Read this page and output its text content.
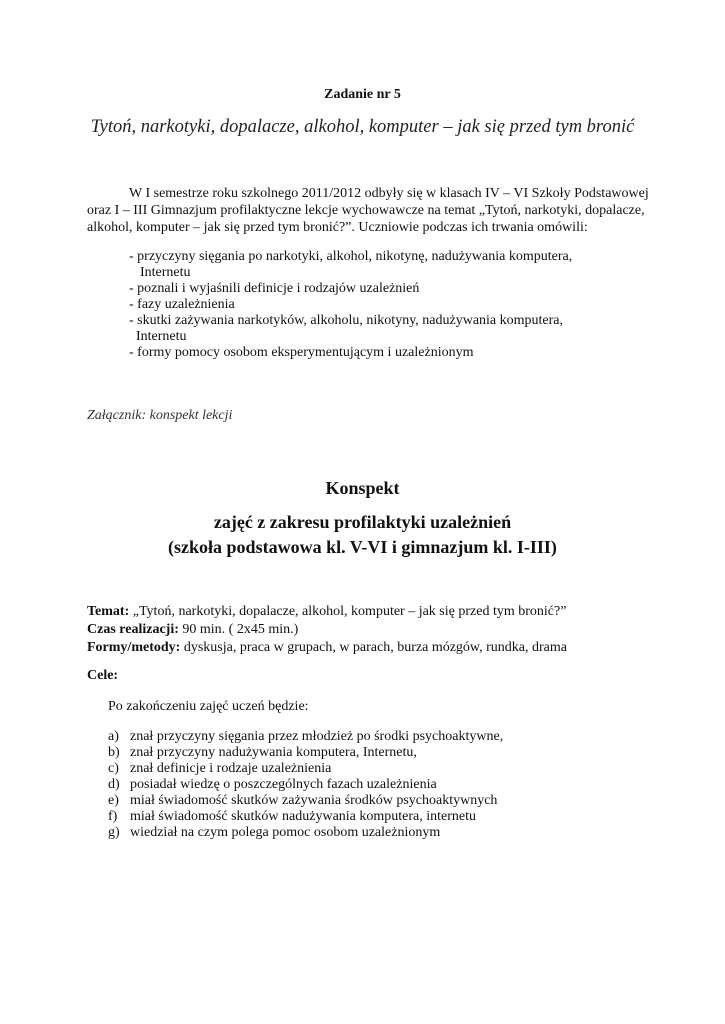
Zadanie nr 5
Tytoń, narkotyki, dopalacze, alkohol, komputer – jak się przed tym bronić
W I semestrze roku szkolnego 2011/2012 odbyły się w klasach IV – VI Szkoły Podstawowej
oraz I – III Gimnazjum profilaktyczne lekcje wychowawcze na temat „Tytoń, narkotyki, dopalacze,
alkohol, komputer – jak się przed tym bronić?”. Uczniowie podczas ich trwania omówili:
- przyczyny sięgania po narkotyki, alkohol, nikotynę, nadużywania komputera,
Internetu
- poznali i wyjaśnili definicje i rodzajów uzależnień
- fazy uzależnienia
- skutki zażywania narkotyków, alkoholu, nikotyny, nadużywania komputera,
Internetu
- formy pomocy osobom eksperymentującym i uzależnionym
Załącznik: konspekt lekcji
Konspekt
zajęć z zakresu profilaktyki uzależnień
(szkoła podstawowa kl. V-VI i gimnazjum kl. I-III)
Temat: „Tytoń, narkotyki, dopalacze, alkohol, komputer – jak się przed tym bronić?”
Czas realizacji: 90 min. ( 2x45 min.)
Formy/metody: dyskusja, praca w grupach, w parach, burza mózgów, rundka, drama
Cele:
Po zakończeniu zajęć uczeń będzie:
a) znał przyczyny sięgania przez młodzież po środki psychoaktywne,
b) znał przyczyny nadużywania komputera, Internetu,
c) znał definicje i rodzaje uzależnienia
d) posiadał wiedzę o poszczególnych fazach uzależnienia
e) miał świadomość skutków zażywania środków psychoaktywnych
f) miał świadomość skutków nadużywania komputera, internetu
g) wiedział na czym polega pomoc osobom uzależnionym
